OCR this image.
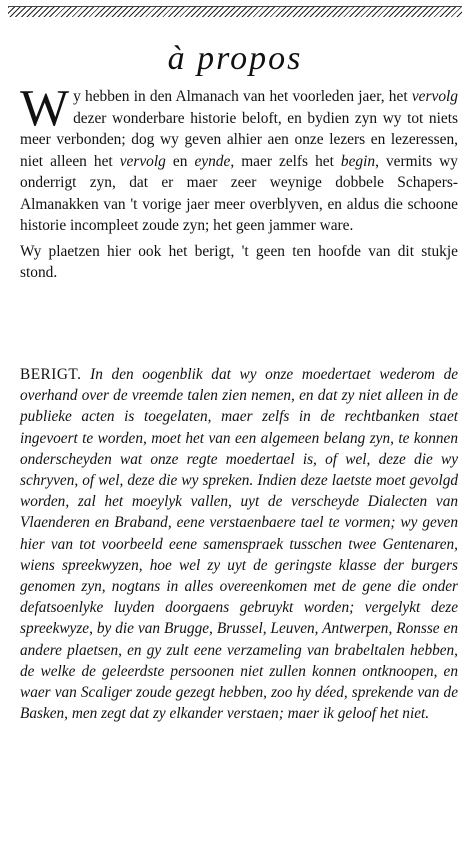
à propos

Wy hebben in den Almanach van het voorleden jaer, het vervolg dezer wonderbare historie beloft, en bydien zyn wy tot niets meer verbonden; dog wy geven alhier aen onze lezers en lezeressen, niet alleen het vervolg en eynde, maer zelfs het begin, vermits wy onderrigt zyn, dat er maer zeer weynige dobbele Schapers-Almanakken van 't vorige jaer meer overblyven, en aldus die schoone historie incompleet zoude zyn; het geen jammer ware.

Wy plaetzen hier ook het berigt, 't geen ten hoofde van dit stukje stond.

BERIGT. In den oogenblik dat wy onze moedertaet wederom de overhand over de vreemde talen zien nemen, en dat zy niet alleen in de publieke acten is toegelaten, maer zelfs in de rechtbanken staet ingevoert te worden, moet het van een algemeen belang zyn, te konnen onderscheyden wat onze regte moedertael is, of wel, deze die wy schryven, of wel, deze die wy spreken. Indien deze laetste moet gevolgd worden, zal het moeylyk vallen, uyt de verscheyde Dialecten van Vlaenderen en Braband, eene verstaenbaere tael te vormen; wy geven hier van tot voorbeeld eene samenspraek tusschen twee Gentenaren, wiens spreekwyzen, hoe wel zy uyt de geringste klasse der burgers genomen zyn, nogtans in alles overeenkomen met de gene die onder defatsoenlyke luyden doorgaens gebruykt worden; vergelykt deze spreekwyze, by die van Brugge, Brussel, Leuven, Antwerpen, Ronsse en andere plaetsen, en gy zult eene verzameling van brabeltalen hebben, de welke de geleerdste persoonen niet zullen konnen ontknoopen, en waer van Scaliger zoude gezegt hebben, zoo hy déed, sprekende van de Basken, men zegt dat zy elkander verstaen; maer ik geloof het niet.
